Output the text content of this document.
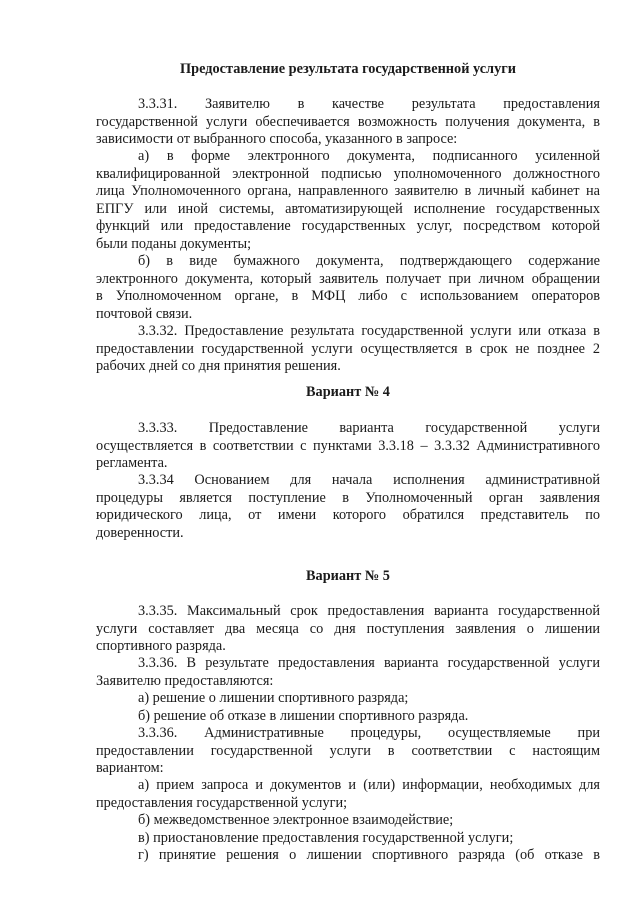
Предоставление результата государственной услуги
3.3.31. Заявителю в качестве результата предоставления
государственной услуги обеспечивается возможность получения документа, в
зависимости от выбранного способа, указанного в запросе:
а) в форме электронного документа, подписанного усиленной
квалифицированной электронной подписью уполномоченного должностного
лица Уполномоченного органа, направленного заявителю в личный кабинет на
ЕПГУ или иной системы, автоматизирующей исполнение государственных
функций или предоставление государственных услуг, посредством которой
были поданы документы;
б) в виде бумажного документа, подтверждающего содержание
электронного документа, который заявитель получает при личном обращении
в Уполномоченном органе, в МФЦ либо с использованием операторов
почтовой связи.
3.3.32. Предоставление результата государственной услуги или отказа в
предоставлении государственной услуги осуществляется в срок не позднее 2
рабочих дней со дня принятия решения.
Вариант № 4
3.3.33. Предоставление варианта государственной услуги
осуществляется в соответствии с пунктами 3.3.18 – 3.3.32 Административного
регламента.
3.3.34 Основанием для начала исполнения административной
процедуры является поступление в Уполномоченный орган заявления
юридического лица, от имени которого обратился представитель по
доверенности.
Вариант № 5
3.3.35. Максимальный срок предоставления варианта государственной
услуги составляет два месяца со дня поступления заявления о лишении
спортивного разряда.
3.3.36. В результате предоставления варианта государственной услуги
Заявителю предоставляются:
а) решение о лишении спортивного разряда;
б) решение об отказе в лишении спортивного разряда.
3.3.36. Административные процедуры, осуществляемые при
предоставлении государственной услуги в соответствии с настоящим
вариантом:
а) прием запроса и документов и (или) информации, необходимых для
предоставления государственной услуги;
б) межведомственное электронное взаимодействие;
в) приостановление предоставления государственной услуги;
г) принятие решения о лишении спортивного разряда (об отказе в
